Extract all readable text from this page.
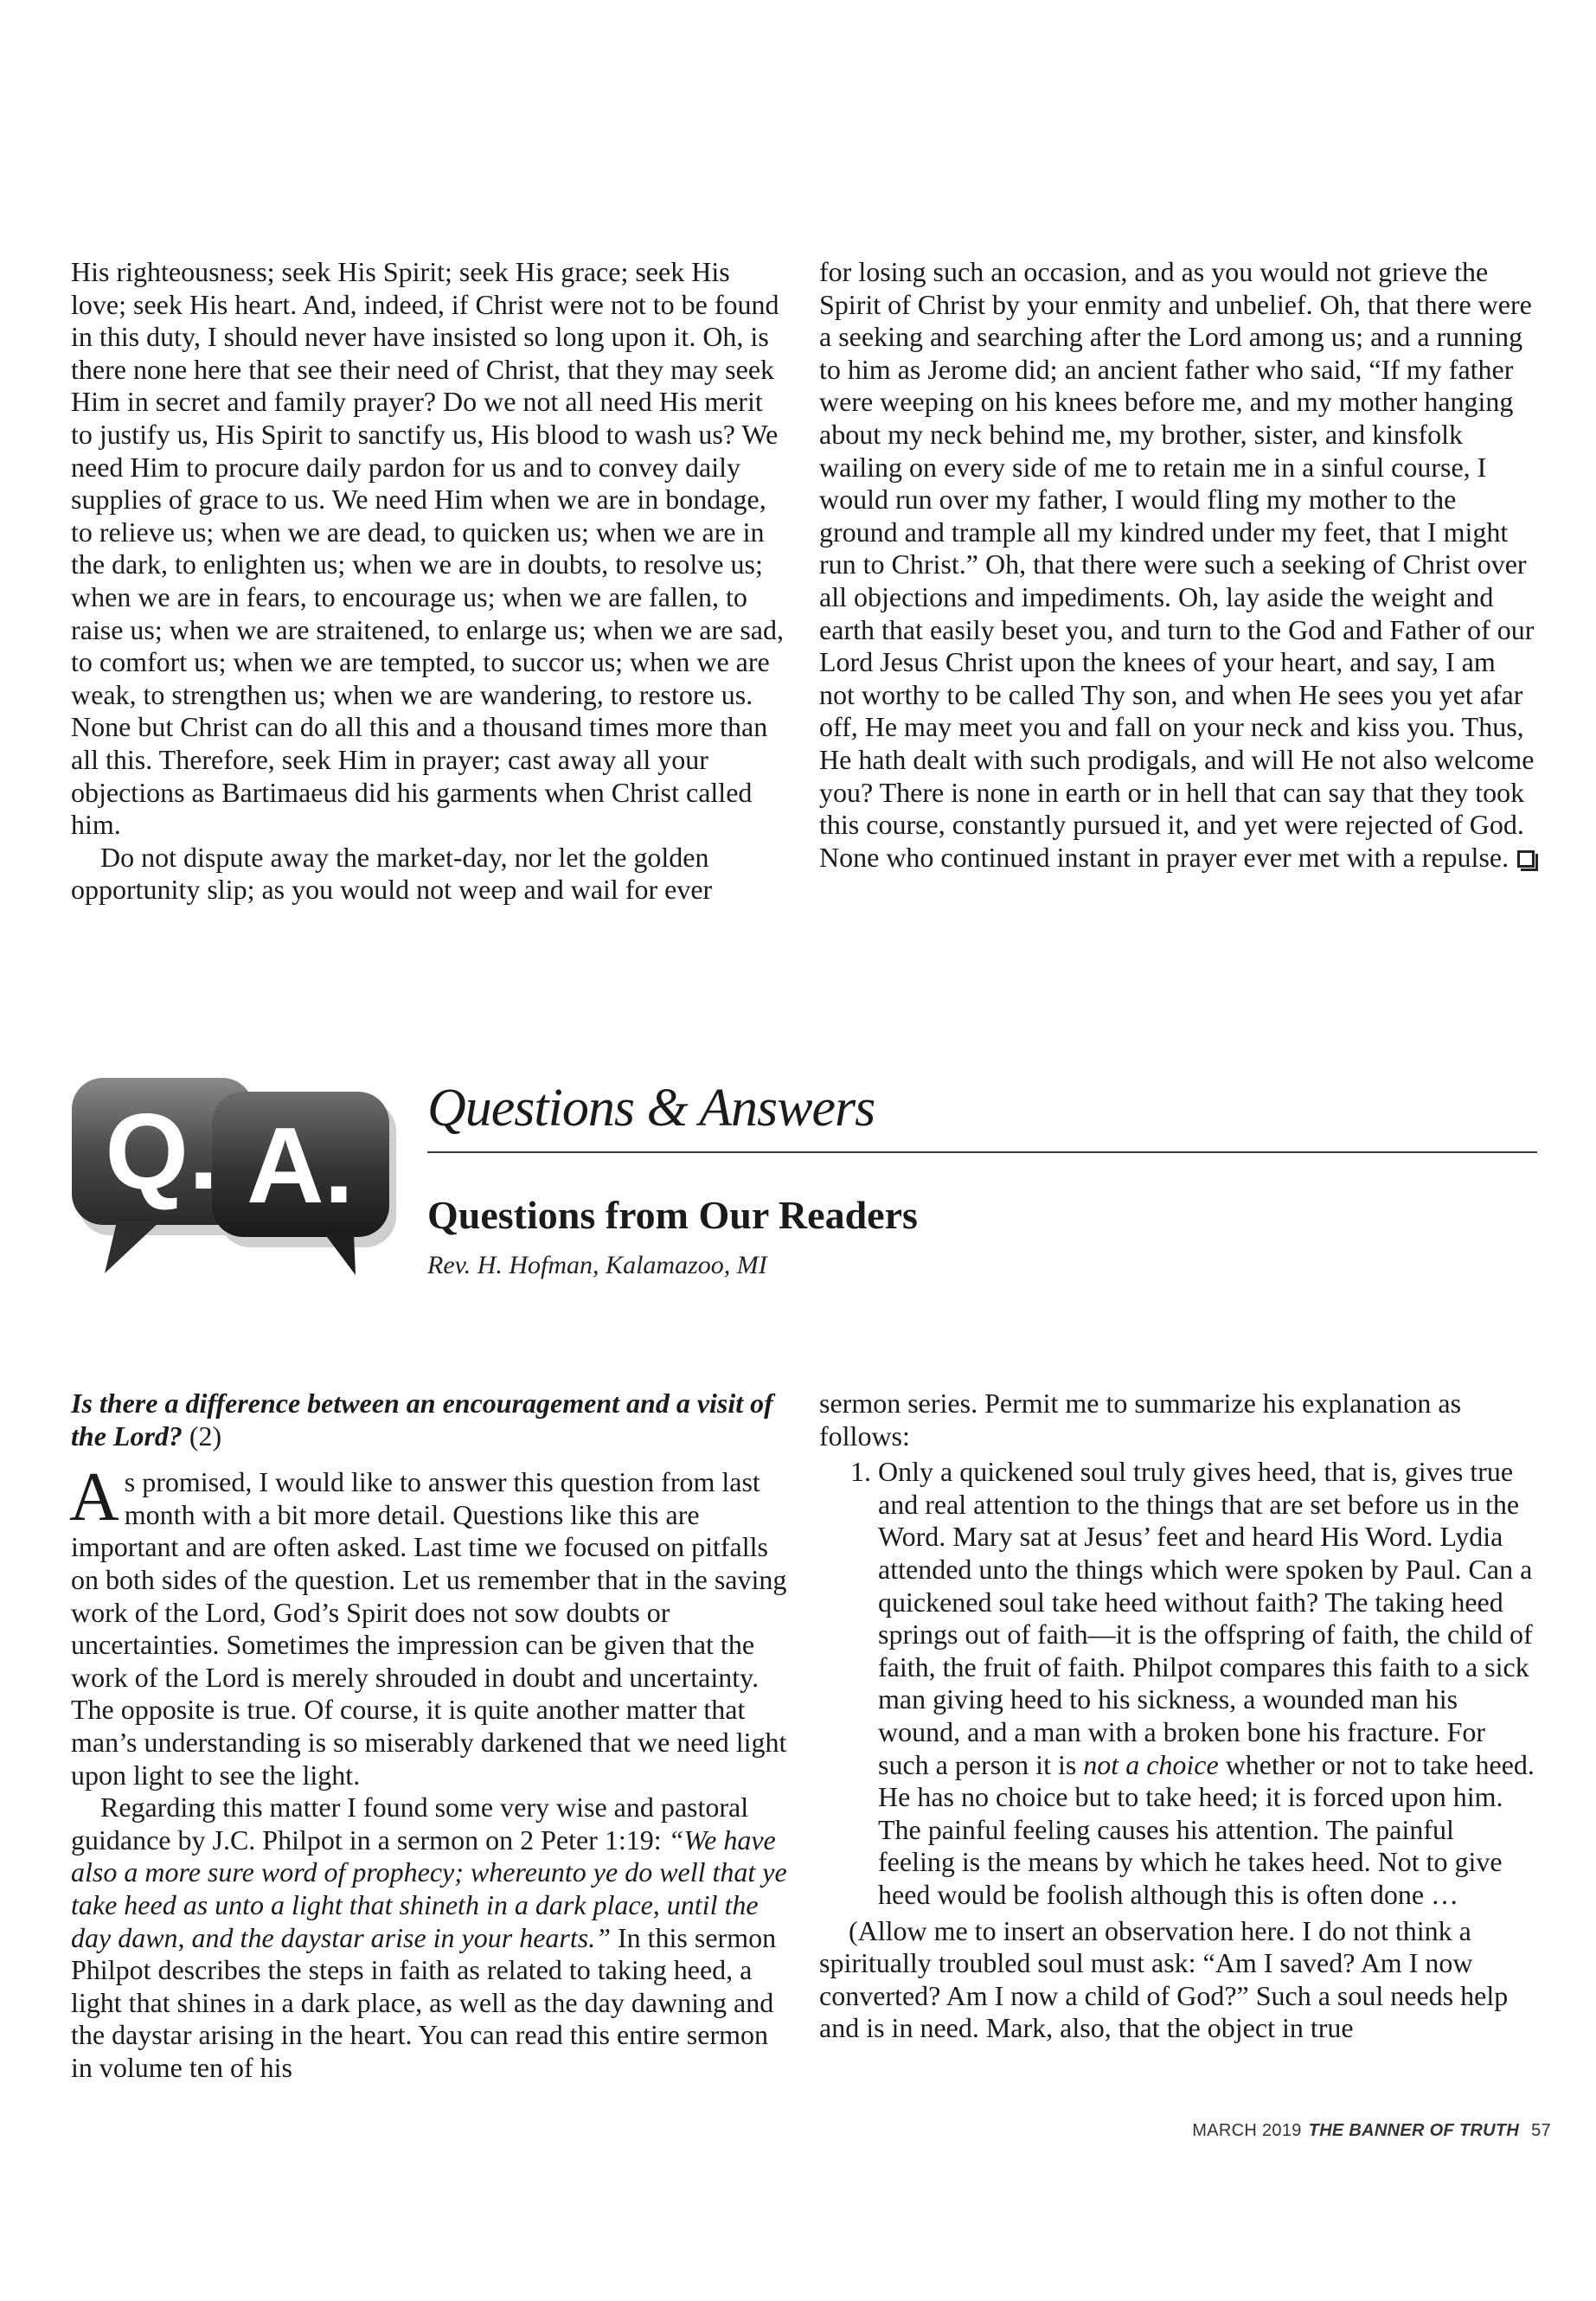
His righteousness; seek His Spirit; seek His grace; seek His love; seek His heart. And, indeed, if Christ were not to be found in this duty, I should never have insisted so long upon it. Oh, is there none here that see their need of Christ, that they may seek Him in secret and family prayer? Do we not all need His merit to justify us, His Spirit to sanctify us, His blood to wash us? We need Him to procure daily pardon for us and to convey daily supplies of grace to us. We need Him when we are in bondage, to relieve us; when we are dead, to quicken us; when we are in the dark, to enlighten us; when we are in doubts, to resolve us; when we are in fears, to encourage us; when we are fallen, to raise us; when we are straitened, to enlarge us; when we are sad, to comfort us; when we are tempted, to succor us; when we are weak, to strengthen us; when we are wandering, to restore us. None but Christ can do all this and a thousand times more than all this. Therefore, seek Him in prayer; cast away all your objections as Bartimaeus did his garments when Christ called him.

Do not dispute away the market-day, nor let the golden opportunity slip; as you would not weep and wail for ever

for losing such an occasion, and as you would not grieve the Spirit of Christ by your enmity and unbelief. Oh, that there were a seeking and searching after the Lord among us; and a running to him as Jerome did; an ancient father who said, “If my father were weeping on his knees before me, and my mother hanging about my neck behind me, my brother, sister, and kinsfolk wailing on every side of me to retain me in a sinful course, I would run over my father, I would fling my mother to the ground and trample all my kindred under my feet, that I might run to Christ.” Oh, that there were such a seeking of Christ over all objections and impediments. Oh, lay aside the weight and earth that easily beset you, and turn to the God and Father of our Lord Jesus Christ upon the knees of your heart, and say, I am not worthy to be called Thy son, and when He sees you yet afar off, He may meet you and fall on your neck and kiss you. Thus, He hath dealt with such prodigals, and will He not also welcome you? There is none in earth or in hell that can say that they took this course, constantly pursued it, and yet were rejected of God. None who continued instant in prayer ever met with a repulse.

Q. A. Questions & Answers
Questions from Our Readers
Rev. H. Hofman, Kalamazoo, MI

Is there a difference between an encouragement and a visit of the Lord? (2)

As promised, I would like to answer this question from last month with a bit more detail. Questions like this are important and are often asked. Last time we focused on pitfalls on both sides of the question. Let us remember that in the saving work of the Lord, God’s Spirit does not sow doubts or uncertainties. Sometimes the impression can be given that the work of the Lord is merely shrouded in doubt and uncertainty. The opposite is true. Of course, it is quite another matter that man’s understanding is so miserably darkened that we need light upon light to see the light.

Regarding this matter I found some very wise and pastoral guidance by J.C. Philpot in a sermon on 2 Peter 1:19: “We have also a more sure word of prophecy; whereunto ye do well that ye take heed as unto a light that shineth in a dark place, until the day dawn, and the daystar arise in your hearts.” In this sermon Philpot describes the steps in faith as related to taking heed, a light that shines in a dark place, as well as the day dawning and the daystar arising in the heart. You can read this entire sermon in volume ten of his

sermon series. Permit me to summarize his explanation as follows:

1. Only a quickened soul truly gives heed, that is, gives true and real attention to the things that are set before us in the Word. Mary sat at Jesus’ feet and heard His Word. Lydia attended unto the things which were spoken by Paul. Can a quickened soul take heed without faith? The taking heed springs out of faith—it is the offspring of faith, the child of faith, the fruit of faith. Philpot compares this faith to a sick man giving heed to his sickness, a wounded man his wound, and a man with a broken bone his fracture. For such a person it is not a choice whether or not to take heed. He has no choice but to take heed; it is forced upon him. The painful feeling causes his attention. The painful feeling is the means by which he takes heed. Not to give heed would be foolish although this is often done …

(Allow me to insert an observation here. I do not think a spiritually troubled soul must ask: “Am I saved? Am I now converted? Am I now a child of God?” Such a soul needs help and is in need. Mark, also, that the object in true

MARCH 2019 THE BANNER OF TRUTH 57
